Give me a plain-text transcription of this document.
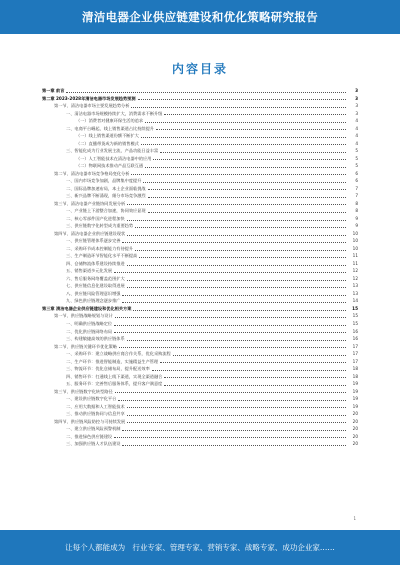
清洁电器企业供应链建设和优化策略研究报告
内容目录
第一章 前言	3
第二章 2023-2028年清洁电器市场发展趋势预测	3
第一节、清洁电器市场主要发展趋势分析	3
一、清洁电器市场规模持续扩大，消费需求不断升级	3
（一）消费者对健康环保生活的追求	4
二、电商平台崛起，线上销售渠道占比持续提升	4
（一）线上销售渠道份额不断扩大	4
（二）直播带货成为新的销售模式	4
三、智能化成为行业发展主流，产品功能日益丰富	5
（一）人工智能技术在清洁电器中的应用	5
（二）物联网技术推动产品互联互通	5
第二节、清洁电器市场竞争格局变化分析	6
一、国内市场竞争加剧，品牌集中度提升	6
二、国际品牌加速布局，本土企业面临挑战	7
三、新兴品牌不断涌现，细分市场竞争激烈	7
第三节、清洁电器产业链协同发展分析	8
一、产业链上下游整合加速，协同效应显现	8
二、核心零部件国产化进程加快	9
三、供应链数字化转型成为重要趋势	9
第四节、清洁电器企业供应链建设现状	10
一、供应链管理体系逐步完善	10
二、采购环节成本控制能力有待提升	10
三、生产制造环节智能化水平不断提高	11
四、仓储物流体系建设持续推进	11
五、销售渠道多元化发展	12
六、售后服务网络覆盖范围扩大	12
七、供应链信息化建设取得进展	13
八、供应链风险管理意识增强	13
九、绿色供应链理念逐步推广	14
第三章 清洁电器企业供应链建设和优化相关方案	15
第一节、供应链战略规划与设计	15
一、明确供应链战略定位	15
二、优化供应链网络布局	16
三、构建敏捷高效的供应链体系	16
第二节、供应链关键环节优化策略	17
一、采购环节：建立战略供应商合作关系，优化采购流程	17
二、生产环节：推进智能制造，实施精益生产管理	17
三、物流环节：优化仓储布局，提升配送效率	18
四、销售环节：打通线上线下渠道，实现全渠道融合	18
五、服务环节：完善售后服务体系，提升客户满意度	19
第三节、供应链数字化转型路径	19
一、建设供应链数字化平台	19
二、应用大数据和人工智能技术	19
三、推动供应链协同与信息共享	20
第四节、供应链风险防控与可持续发展	20
一、建立供应链风险预警机制	20
二、推进绿色供应链建设	20
三、加强供应链人才队伍建设	20
1
让每个人都能成为
行业专家、管理专家、营销专家、战略专家、成功企业家……
